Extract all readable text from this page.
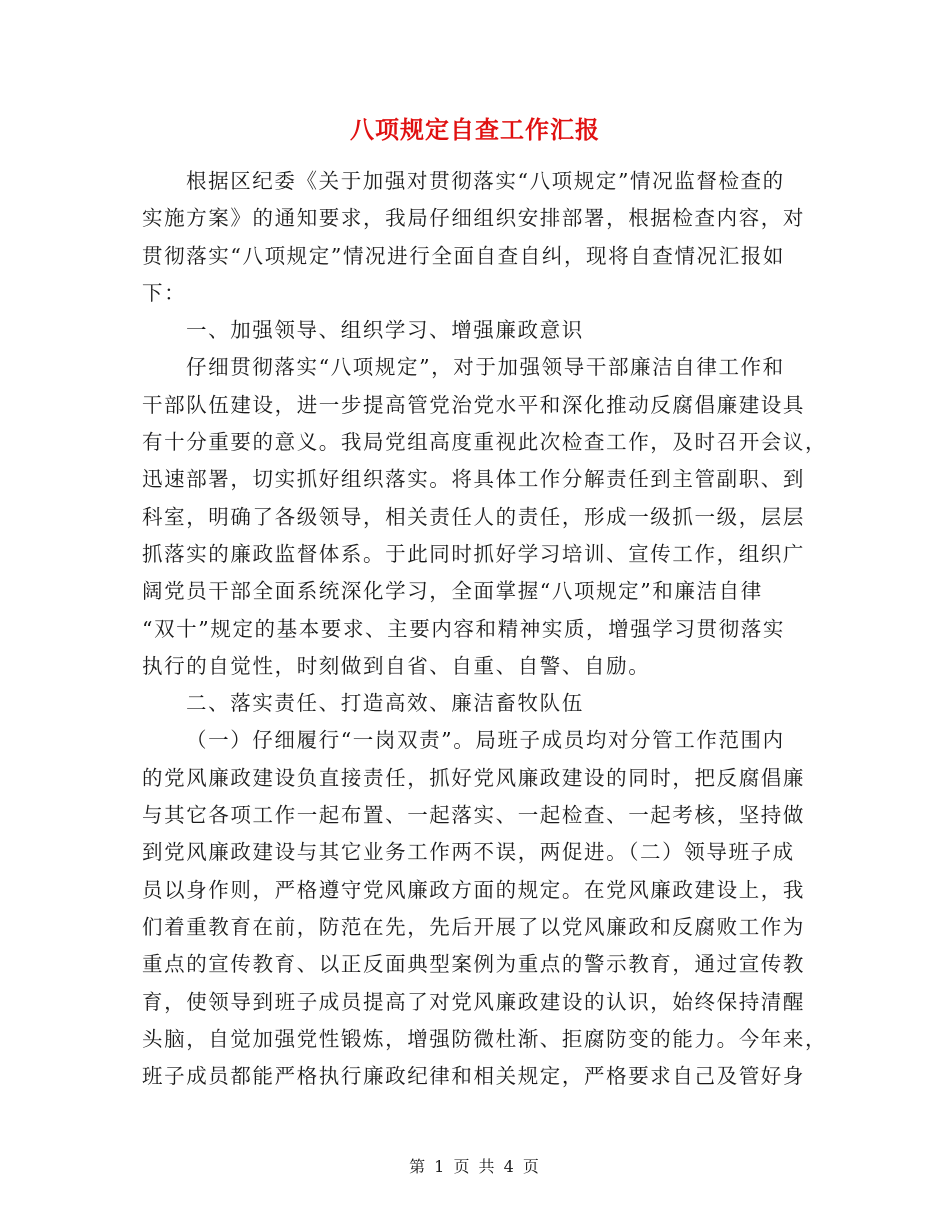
八项规定自查工作汇报
根据区纪委《关于加强对贯彻落实“八项规定”情况监督检查的
实施方案》的通知要求，我局仔细组织安排部署，根据检查内容，对
贯彻落实“八项规定”情况进行全面自查自纠，现将自查情况汇报如
下：
一、加强领导、组织学习、增强廉政意识
仔细贯彻落实“八项规定”，对于加强领导干部廉洁自律工作和
干部队伍建设，进一步提高管党治党水平和深化推动反腐倡廉建设具
有十分重要的意义。我局党组高度重视此次检查工作，及时召开会议，
迅速部署，切实抓好组织落实。将具体工作分解责任到主管副职、到
科室，明确了各级领导，相关责任人的责任，形成一级抓一级，层层
抓落实的廉政监督体系。于此同时抓好学习培训、宣传工作，组织广
阔党员干部全面系统深化学习，全面掌握“八项规定”和廉洁自律
“双十”规定的基本要求、主要内容和精神实质，增强学习贯彻落实
执行的自觉性，时刻做到自省、自重、自警、自励。
二、落实责任、打造高效、廉洁畜牧队伍
（一）仔细履行“一岗双责”。局班子成员均对分管工作范围内
的党风廉政建设负直接责任，抓好党风廉政建设的同时，把反腐倡廉
与其它各项工作一起布置、一起落实、一起检查、一起考核，坚持做
到党风廉政建设与其它业务工作两不误，两促进。（二）领导班子成
员以身作则，严格遵守党风廉政方面的规定。在党风廉政建设上，我
们着重教育在前，防范在先，先后开展了以党风廉政和反腐败工作为
重点的宣传教育、以正反面典型案例为重点的警示教育，通过宣传教
育，使领导到班子成员提高了对党风廉政建设的认识，始终保持清醒
头脑，自觉加强党性锻炼，增强防微杜渐、拒腐防变的能力。今年来，
班子成员都能严格执行廉政纪律和相关规定，严格要求自己及管好身
第 1 页 共 4 页
